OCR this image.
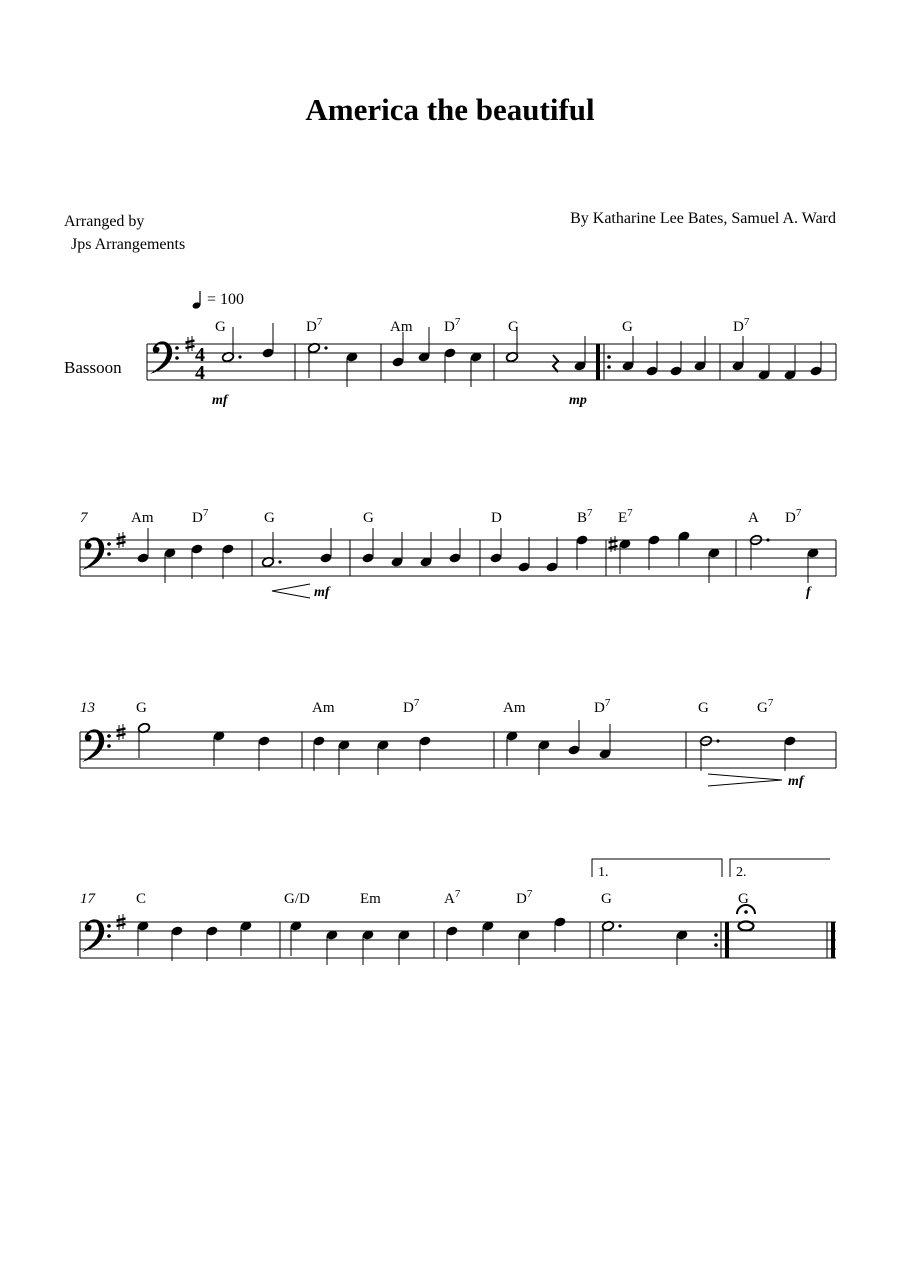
America the beautiful
Arranged by
Jps Arrangements
By Katharine Lee Bates, Samuel A. Ward
= 100
Bassoon
4
4
G	$D^7$	Am $D^7$	G	G	$D^7$
mf	mp
7	Am	$D^7$	G	G	D	$B^7$ $E^7$	A $D^7$
mf	f
13	G	Am	$D^7$	Am	$D^7$	G	$G^7$
mf
17
1.	2.
C	G/D	Em	$A^7$	$D^7$	G	G
